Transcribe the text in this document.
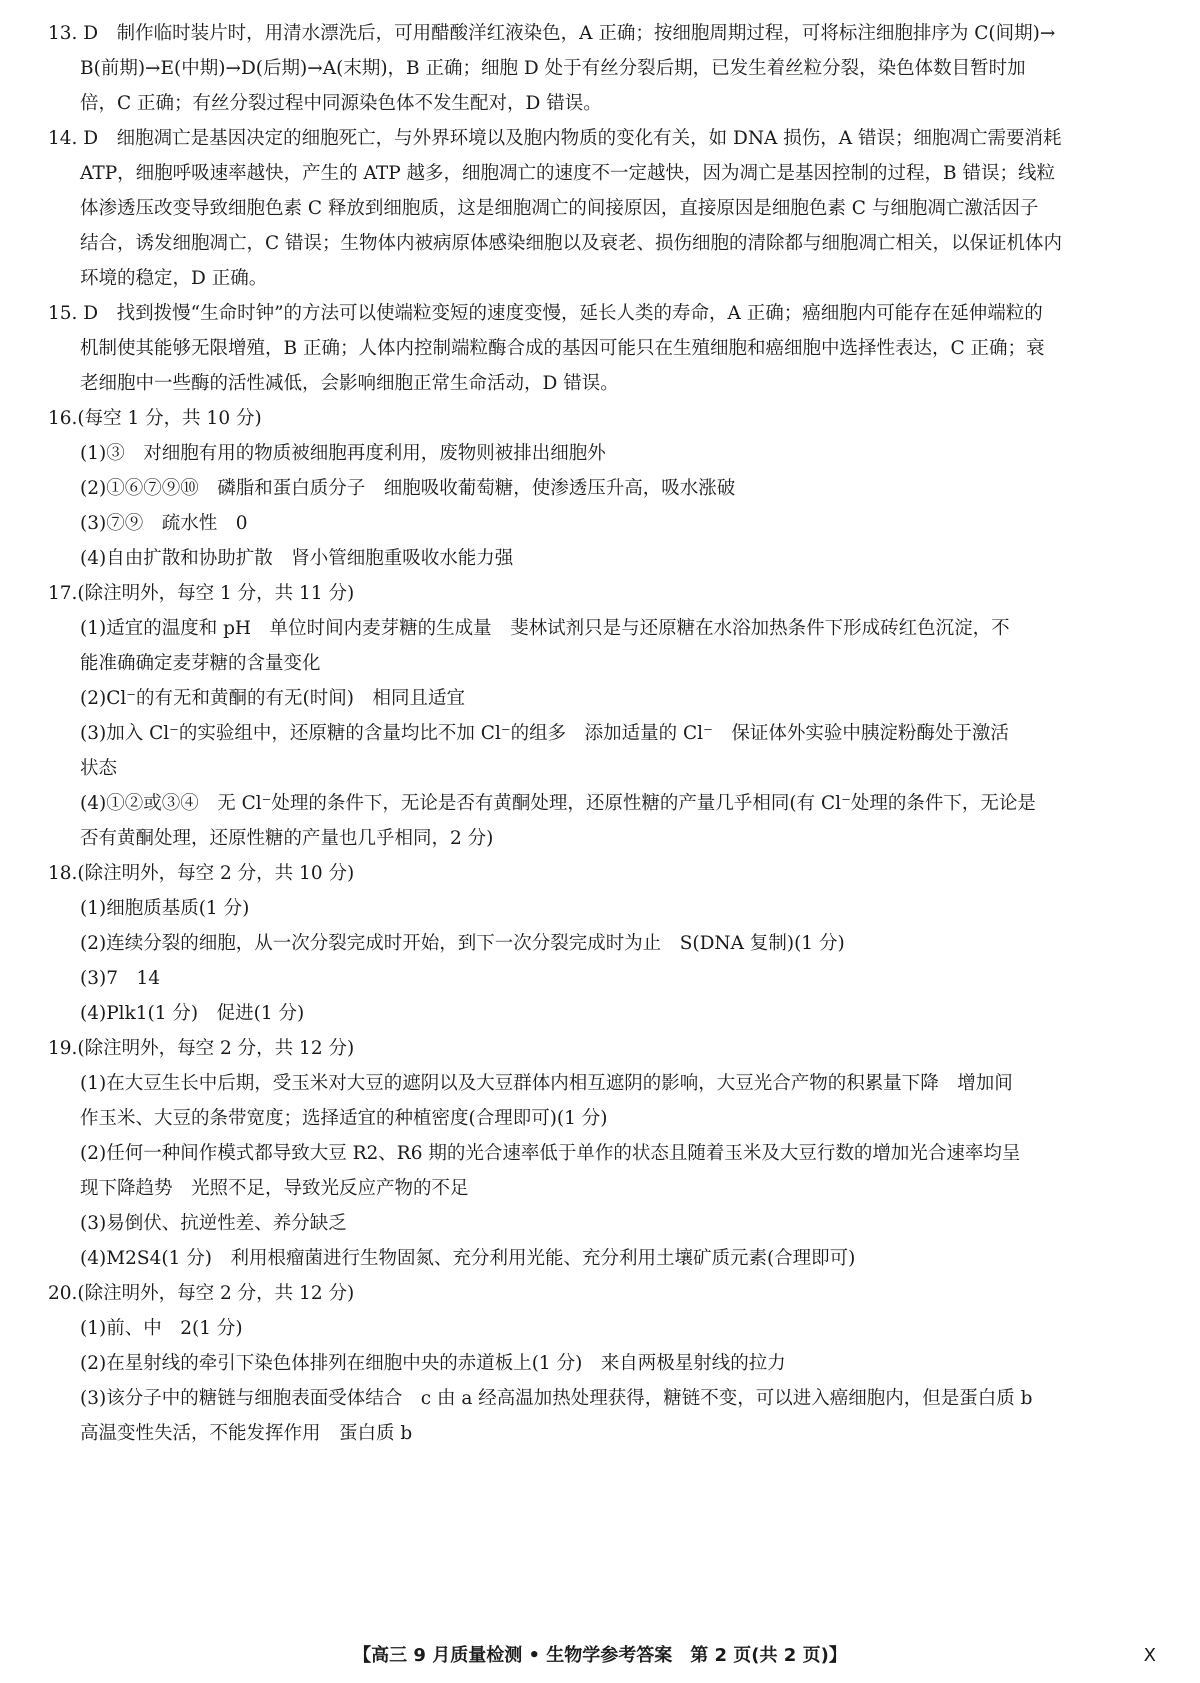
13. D　制作临时装片时，用清水漂洗后，可用醋酸洋红液染色，A 正确；按细胞周期过程，可将标注细胞排序为 C(间期)→
B(前期)→E(中期)→D(后期)→A(末期)，B 正确；细胞 D 处于有丝分裂后期，已发生着丝粒分裂，染色体数目暂时加
倍，C 正确；有丝分裂过程中同源染色体不发生配对，D 错误。
14. D　细胞凋亡是基因决定的细胞死亡，与外界环境以及胞内物质的变化有关，如 DNA 损伤，A 错误；细胞凋亡需要消耗
ATP，细胞呼吸速率越快，产生的 ATP 越多，细胞凋亡的速度不一定越快，因为凋亡是基因控制的过程，B 错误；线粒
体渗透压改变导致细胞色素 C 释放到细胞质，这是细胞凋亡的间接原因，直接原因是细胞色素 C 与细胞凋亡激活因子
结合，诱发细胞凋亡，C 错误；生物体内被病原体感染细胞以及衰老、损伤细胞的清除都与细胞凋亡相关，以保证机体内
环境的稳定，D 正确。
15. D　找到拨慢“生命时钟”的方法可以使端粒变短的速度变慢，延长人类的寿命，A 正确；癌细胞内可能存在延伸端粒的
机制使其能够无限增殖，B 正确；人体内控制端粒酶合成的基因可能只在生殖细胞和癌细胞中选择性表达，C 正确；衰
老细胞中一些酶的活性减低，会影响细胞正常生命活动，D 错误。
16.(每空 1 分，共 10 分)
(1)③　对细胞有用的物质被细胞再度利用，废物则被排出细胞外
(2)①⑥⑦⑨⑩　磷脂和蛋白质分子　细胞吸收葡萄糖，使渗透压升高，吸水涨破
(3)⑦⑨　疏水性　0
(4)自由扩散和协助扩散　肾小管细胞重吸收水能力强
17.(除注明外，每空 1 分，共 11 分)
(1)适宜的温度和 pH　单位时间内麦芽糖的生成量　斐林试剂只是与还原糖在水浴加热条件下形成砖红色沉淀，不
能准确确定麦芽糖的含量变化
(2)Cl⁻的有无和黄酮的有无(时间)　相同且适宜
(3)加入 Cl⁻的实验组中，还原糖的含量均比不加 Cl⁻的组多　添加适量的 Cl⁻　保证体外实验中胰淀粉酶处于激活
状态
(4)①②或③④　无 Cl⁻处理的条件下，无论是否有黄酮处理，还原性糖的产量几乎相同(有 Cl⁻处理的条件下，无论是
否有黄酮处理，还原性糖的产量也几乎相同，2 分)
18.(除注明外，每空 2 分，共 10 分)
(1)细胞质基质(1 分)
(2)连续分裂的细胞，从一次分裂完成时开始，到下一次分裂完成时为止　S(DNA 复制)(1 分)
(3)7　14
(4)Plk1(1 分)　促进(1 分)
19.(除注明外，每空 2 分，共 12 分)
(1)在大豆生长中后期，受玉米对大豆的遮阴以及大豆群体内相互遮阴的影响，大豆光合产物的积累量下降　增加间
作玉米、大豆的条带宽度；选择适宜的种植密度(合理即可)(1 分)
(2)任何一种间作模式都导致大豆 R2、R6 期的光合速率低于单作的状态且随着玉米及大豆行数的增加光合速率均呈
现下降趋势　光照不足，导致光反应产物的不足
(3)易倒伏、抗逆性差、养分缺乏
(4)M2S4(1 分)　利用根瘤菌进行生物固氮、充分利用光能、充分利用土壤矿质元素(合理即可)
20.(除注明外，每空 2 分，共 12 分)
(1)前、中　2(1 分)
(2)在星射线的牵引下染色体排列在细胞中央的赤道板上(1 分)　来自两极星射线的拉力
(3)该分子中的糖链与细胞表面受体结合　c 由 a 经高温加热处理获得，糖链不变，可以进入癌细胞内，但是蛋白质 b
高温变性失活，不能发挥作用　蛋白质 b
【高三 9 月质量检测 • 生物学参考答案　第 2 页(共 2 页)】	X
